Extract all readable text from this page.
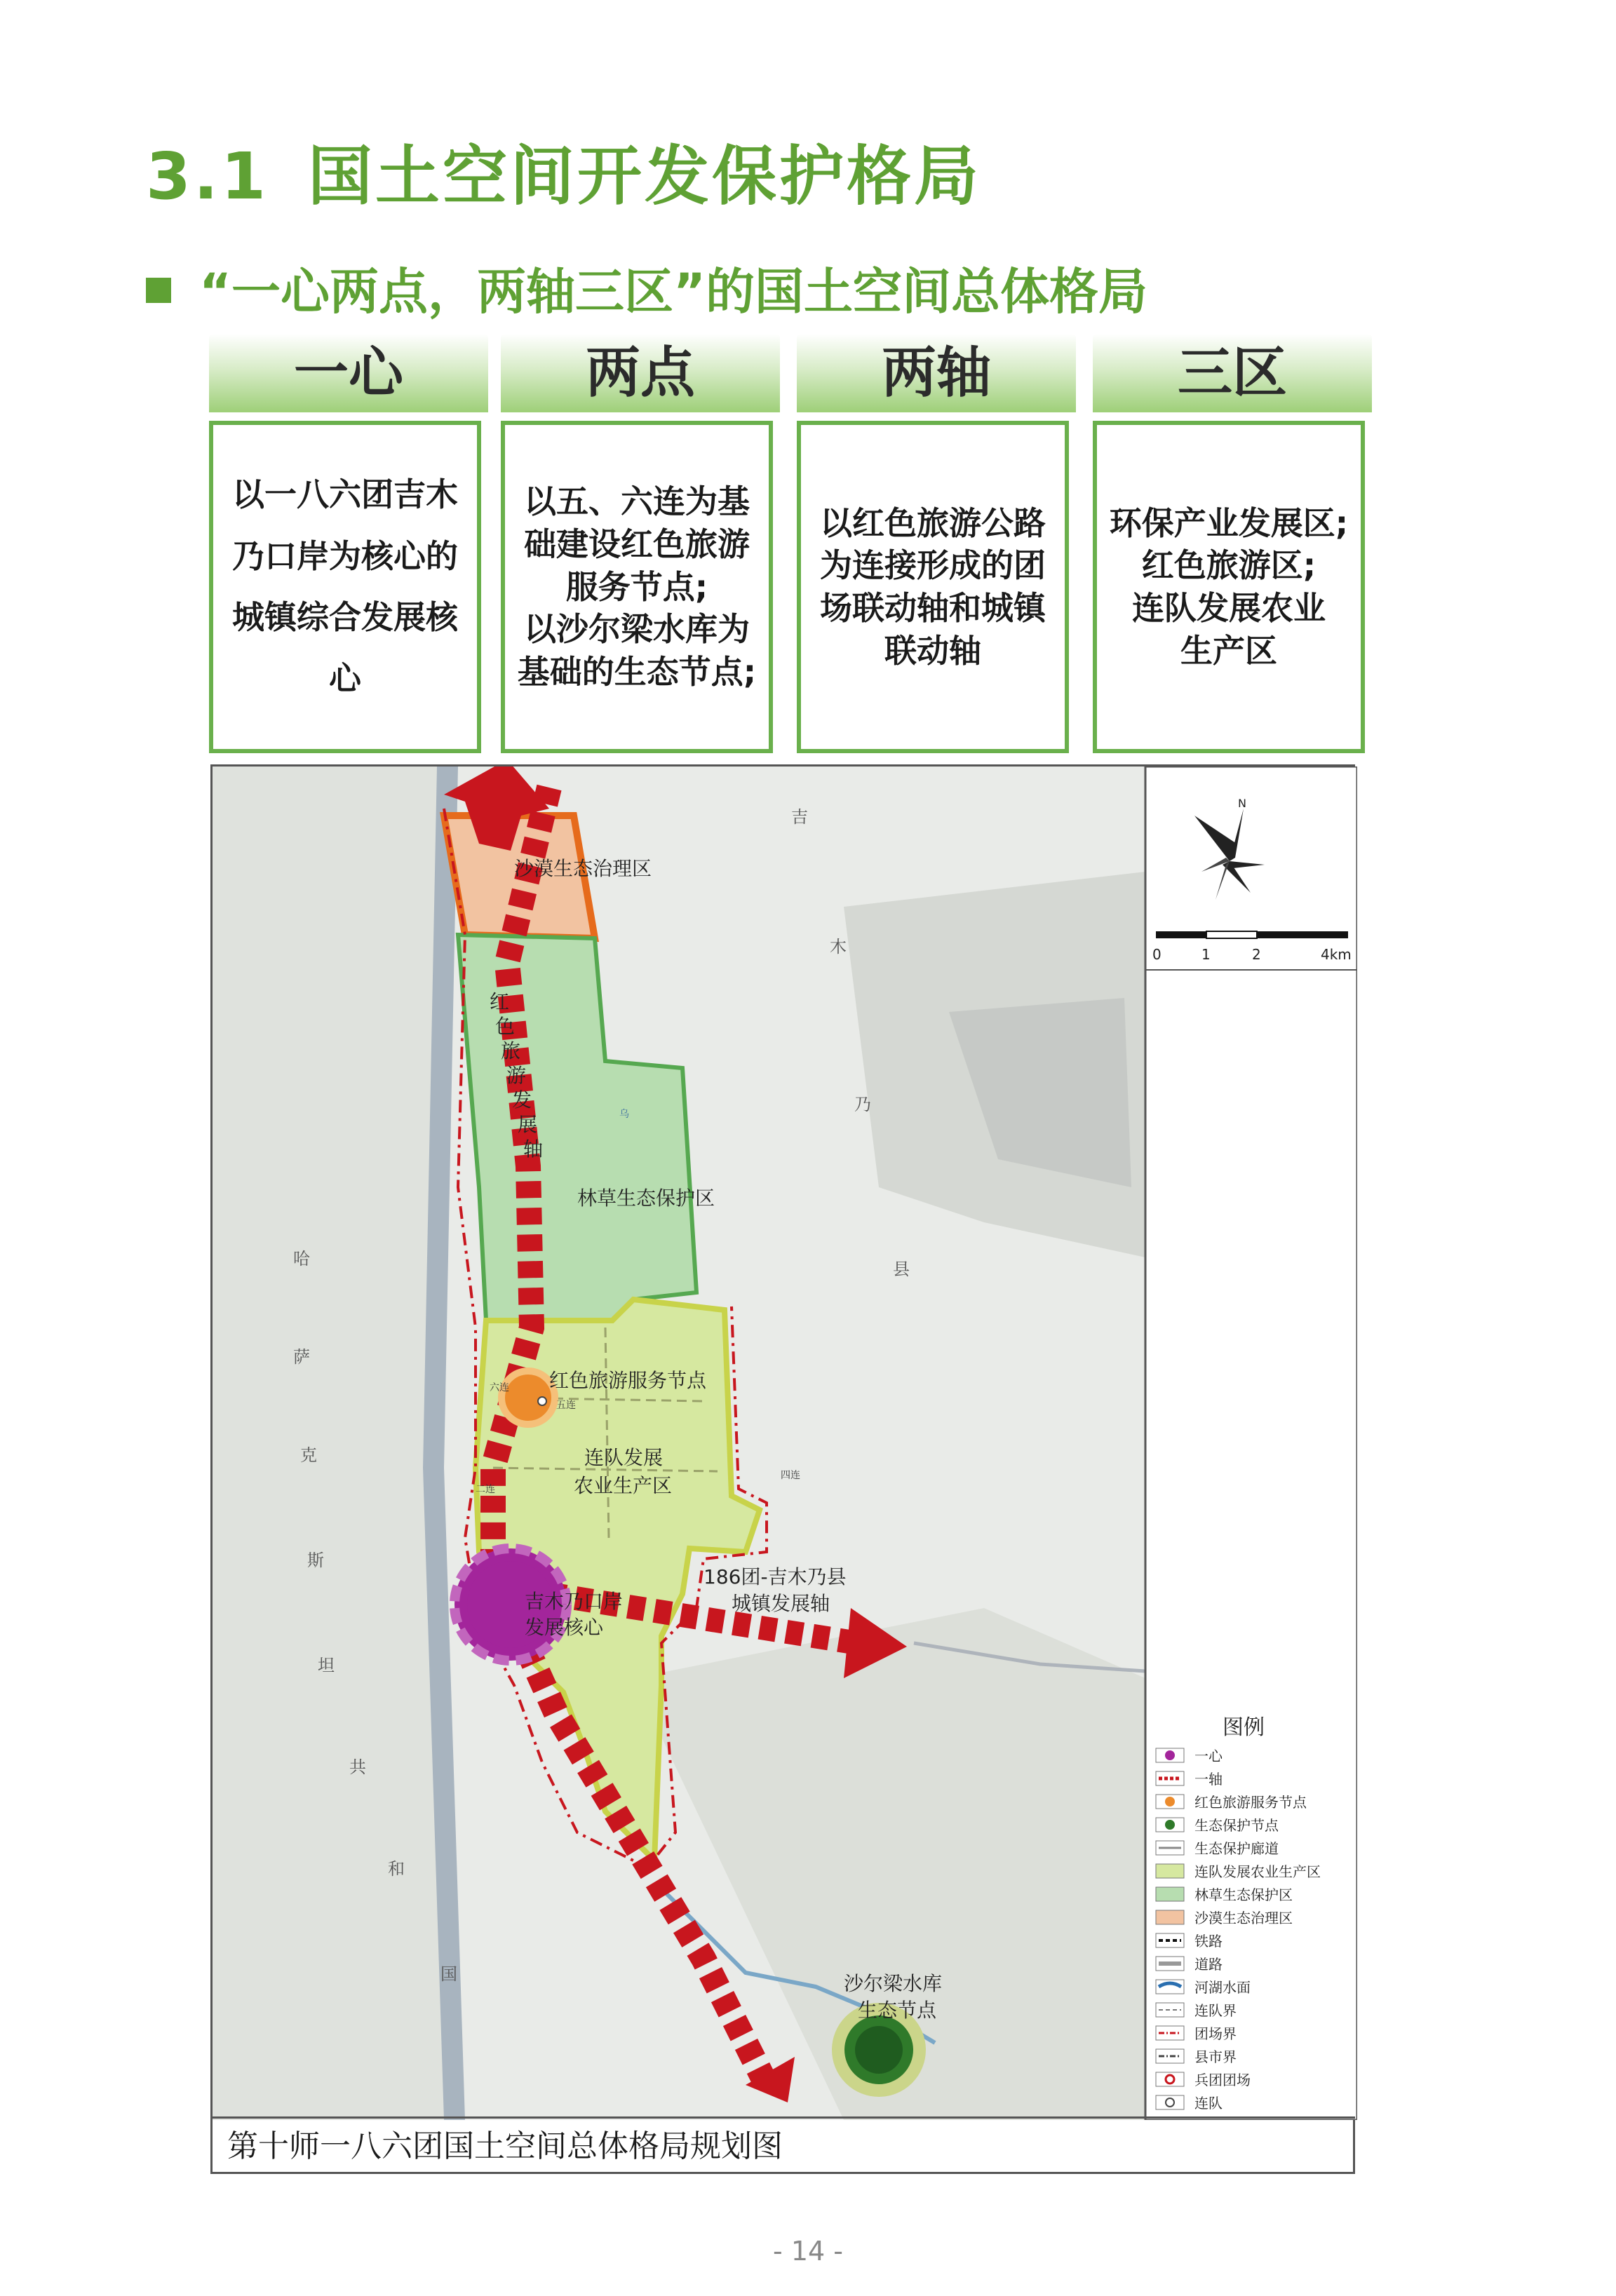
3.1 国土空间开发保护格局
“一心两点，两轴三区”的国土空间总体格局
一心	两点	两轴	三区
以一八六团吉木
乃口岸为核心的
城镇综合发展核
心
以五、六连为基
础建设红色旅游
服务节点;
以沙尔梁水库为
基础的生态节点;
以红色旅游公路
为连接形成的团
场联动轴和城镇
联动轴
环保产业发展区;
红色旅游区;
连队发展农业
生产区
沙漠生态治理区
林草生态保护区
红色旅游服务节点
连队发展
农业生产区
吉木乃口岸
发展核心
186团-吉木乃县
城镇发展轴
沙尔梁水库
生态节点
五连
六连
四连
二连
乌
红
色
旅
游
发
展
轴
哈
萨
克
斯
坦
共
和
国
吉
木
乃
县
N
0	1	2	4km
图例
一心
一轴
红色旅游服务节点
生态保护节点
生态保护廊道
连队发展农业生产区
林草生态保护区
沙漠生态治理区
铁路
道路
河湖水面
连队界
团场界
县市界
兵团团场
连队
第十师一八六团国土空间总体格局规划图
- 14 -
